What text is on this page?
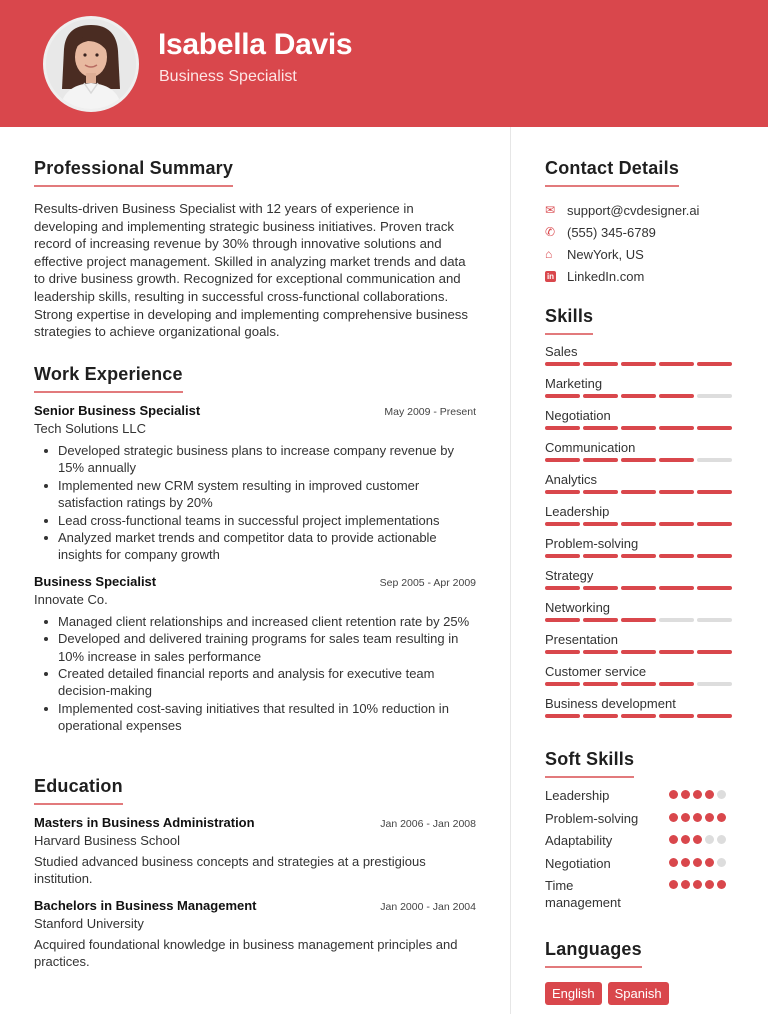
Isabella Davis
Business Specialist
Professional Summary

Results-driven Business Specialist with 12 years of experience in developing and implementing strategic business initiatives. Proven track record of increasing revenue by 30% through innovative solutions and effective project management. Skilled in analyzing market trends and data to drive business growth. Recognized for exceptional communication and leadership skills, resulting in successful cross-functional collaborations. Strong expertise in developing and implementing comprehensive business strategies to achieve organizational goals.

Work Experience
Senior Business Specialist	May 2009 - Present
Tech Solutions LLC
Developed strategic business plans to increase company revenue by 15% annually
Implemented new CRM system resulting in improved customer satisfaction ratings by 20%
Lead cross-functional teams in successful project implementations
Analyzed market trends and competitor data to provide actionable insights for company growth
Business Specialist	Sep 2005 - Apr 2009
Innovate Co.
Managed client relationships and increased client retention rate by 25%
Developed and delivered training programs for sales team resulting in 10% increase in sales performance
Created detailed financial reports and analysis for executive team decision-making
Implemented cost-saving initiatives that resulted in 10% reduction in operational expenses
Education
Masters in Business Administration	Jan 2006 - Jan 2008
Harvard Business School
Studied advanced business concepts and strategies at a prestigious institution.
Bachelors in Business Management	Jan 2000 - Jan 2004
Stanford University
Acquired foundational knowledge in business management principles and practices.
Contact Details
✉ support@cvdesigner.ai
✆ (555) 345-6789
⌂	NewYork, US
in LinkedIn.com
Skills
Sales
Marketing
Negotiation
Communication
Analytics
Leadership
Problem-solving
Strategy
Networking
Presentation
Customer service
Business development
Soft Skills
Leadership
Problem-solving
Adaptability
Negotiation
Time management
Languages
English	Spanish
